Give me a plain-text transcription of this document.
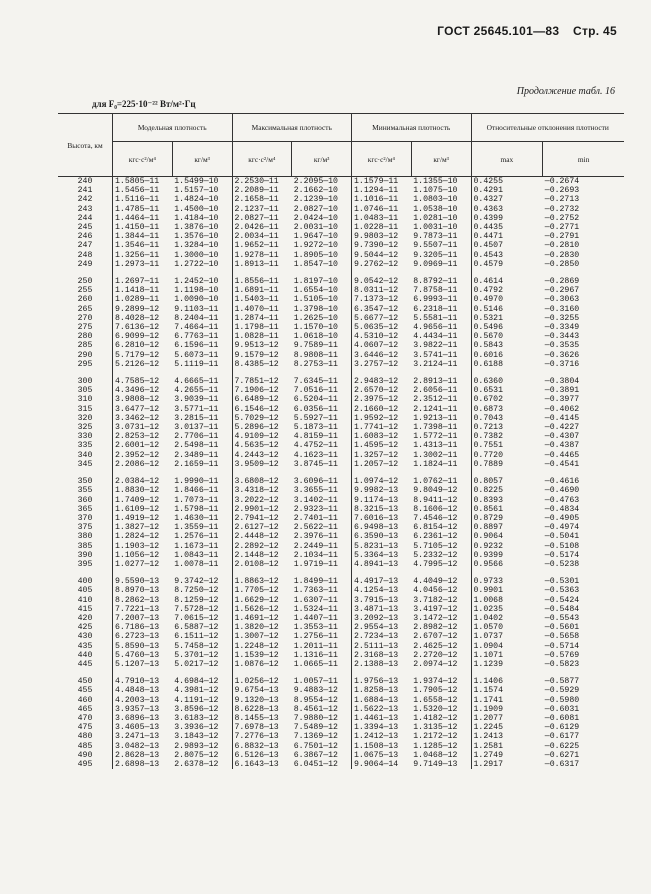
ГОСТ 25645.101—83 Стр. 45
Продолжение табл. 16
для F₀=225·10⁻²² Вт/м²·Гц
Высота, км	Модельная плотность		Максимальная плотность		Минимальная плотность		Относительные отклонения плотности	
	кгс·с²/м⁴	кг/м³	кгс·с²/м⁴	кг/м³	кгс·с²/м⁴	кг/м³	max	min
240	1.5805—11	1.5499—10	2.2530—11	2.2095—10	1.1579—11	1.1355—10	0.4255	—0.2674
241	1.5456—11	1.5157—10	2.2089—11	2.1662—10	1.1294—11	1.1075—10	0.4291	—0.2693
242	1.5116—11	1.4824—10	2.1658—11	2.1239—10	1.1016—11	1.0803—10	0.4327	—0.2713
243	1.4785—11	1.4500—10	2.1237—11	2.0827—10	1.0746—11	1.0538—10	0.4363	—0.2732
244	1.4464—11	1.4184—10	2.0827—11	2.0424—10	1.0483—11	1.0281—10	0.4399	—0.2752
245	1.4150—11	1.3876—10	2.0426—11	2.0031—10	1.0228—11	1.0031—10	0.4435	—0.2771
246	1.3844—11	1.3576—10	2.0034—11	1.9647—10	9.9803—12	9.7873—11	0.4471	—0.2791
247	1.3546—11	1.3284—10	1.9652—11	1.9272—10	9.7390—12	9.5507—11	0.4507	—0.2810
248	1.3256—11	1.3000—10	1.9278—11	1.8905—10	9.5044—12	9.3205—11	0.4543	—0.2830
249	1.2973—11	1.2722—10	1.8913—11	1.8547—10	9.2762—12	9.0969—11	0.4579	—0.2850

250	1.2697—11	1.2452—10	1.8556—11	1.8197—10	9.0542—12	8.8792—11	0.4614	—0.2869
255	1.1418—11	1.1198—10	1.6891—11	1.6554—10	8.0311—12	7.8758—11	0.4792	—0.2967
260	1.0289—11	1.0090—10	1.5403—11	1.5105—10	7.1373—12	6.9993—11	0.4970	—0.3063
265	9.2899—12	9.1103—11	1.4070—11	1.3798—10	6.3547—12	6.2318—11	0.5146	—0.3160
270	8.4028—12	8.2404—11	1.2874—11	1.2625—10	5.6677—12	5.5581—11	0.5321	—0.3255
275	7.6136—12	7.4664—11	1.1798—11	1.1570—10	5.0635—12	4.9656—11	0.5496	—0.3349
280	6.9099—12	6.7763—11	1.0828—11	1.0618—10	4.5310—12	4.4434—11	0.5670	—0.3443
285	6.2810—12	6.1596—11	9.9513—12	9.7589—11	4.0607—12	3.9822—11	0.5843	—0.3535
290	5.7179—12	5.6073—11	9.1579—12	8.9808—11	3.6446—12	3.5741—11	0.6016	—0.3626
295	5.2126—12	5.1119—11	8.4385—12	8.2753—11	3.2757—12	3.2124—11	0.6188	—0.3716

300	4.7585—12	4.6665—11	7.7851—12	7.6345—11	2.9483—12	2.8913—11	0.6360	—0.3804
305	4.3496—12	4.2655—11	7.1906—12	7.0516—11	2.6570—12	2.6056—11	0.6531	—0.3891
310	3.9808—12	3.9039—11	6.6489—12	6.5204—11	2.3975—12	2.3512—11	0.6702	—0.3977
315	3.6477—12	3.5771—11	6.1546—12	6.0356—11	2.1660—12	2.1241—11	0.6873	—0.4062
320	3.3462—12	3.2815—11	5.7029—12	5.5927—11	1.9592—12	1.9213—11	0.7043	—0.4145
325	3.0731—12	3.0137—11	5.2896—12	5.1873—11	1.7741—12	1.7398—11	0.7213	—0.4227
330	2.8253—12	2.7706—11	4.9109—12	4.8159—11	1.6083—12	1.5772—11	0.7382	—0.4307
335	2.6001—12	2.5498—11	4.5635—12	4.4752—11	1.4595—12	1.4313—11	0.7551	—0.4387
340	2.3952—12	2.3489—11	4.2443—12	4.1623—11	1.3257—12	1.3002—11	0.7720	—0.4465
345	2.2086—12	2.1659—11	3.9509—12	3.8745—11	1.2057—12	1.1824—11	0.7889	—0.4541

350	2.0384—12	1.9990—11	3.6808—12	3.6096—11	1.0974—12	1.0762—11	0.8057	—0.4616
355	1.8830—12	1.8466—11	3.4318—12	3.3655—11	9.9982—13	9.8049—12	0.8225	—0.4690
360	1.7409—12	1.7073—11	3.2022—12	3.1402—11	9.1174—13	8.9411—12	0.8393	—0.4763
365	1.6109—12	1.5798—11	2.9901—12	2.9323—11	8.3215—13	8.1606—12	0.8561	—0.4834
370	1.4919—12	1.4630—11	2.7941—12	2.7401—11	7.6016—13	7.4546—12	0.8729	—0.4905
375	1.3827—12	1.3559—11	2.6127—12	2.5622—11	6.9498—13	6.8154—12	0.8897	—0.4974
380	1.2824—12	1.2576—11	2.4448—12	2.3976—11	6.3590—13	6.2361—12	0.9064	—0.5041
385	1.1903—12	1.1673—11	2.2892—12	2.2449—11	5.8231—13	5.7105—12	0.9232	—0.5108
390	1.1056—12	1.0843—11	2.1448—12	2.1034—11	5.3364—13	5.2332—12	0.9399	—0.5174
395	1.0277—12	1.0078—11	2.0108—12	1.9719—11	4.8941—13	4.7995—12	0.9566	—0.5238

400	9.5590—13	9.3742—12	1.8863—12	1.8499—11	4.4917—13	4.4049—12	0.9733	—0.5301
405	8.8970—13	8.7250—12	1.7705—12	1.7363—11	4.1254—13	4.0456—12	0.9901	—0.5363
410	8.2862—13	8.1259—12	1.6629—12	1.6307—11	3.7915—13	3.7182—12	1.0068	—0.5424
415	7.7221—13	7.5728—12	1.5626—12	1.5324—11	3.4871—13	3.4197—12	1.0235	—0.5484
420	7.2007—13	7.0615—12	1.4691—12	1.4407—11	3.2092—13	3.1472—12	1.0402	—0.5543
425	6.7186—13	6.5887—12	1.3820—12	1.3553—11	2.9554—13	2.8982—12	1.0570	—0.5601
430	6.2723—13	6.1511—12	1.3007—12	1.2756—11	2.7234—13	2.6707—12	1.0737	—0.5658
435	5.8590—13	5.7458—12	1.2248—12	1.2011—11	2.5111—13	2.4625—12	1.0904	—0.5714
440	5.4760—13	5.3701—12	1.1539—12	1.1316—11	2.3168—13	2.2720—12	1.1071	—0.5769
445	5.1207—13	5.0217—12	1.0876—12	1.0665—11	2.1388—13	2.0974—12	1.1239	—0.5823

450	4.7910—13	4.6984—12	1.0256—12	1.0057—11	1.9756—13	1.9374—12	1.1406	—0.5877
455	4.4848—13	4.3981—12	9.6754—13	9.4883—12	1.8258—13	1.7905—12	1.1574	—0.5929
460	4.2003—13	4.1191—12	9.1320—13	8.9554—12	1.6884—13	1.6558—12	1.1741	—0.5980
465	3.9357—13	3.8596—12	8.6228—13	8.4561—12	1.5622—13	1.5320—12	1.1909	—0.6031
470	3.6896—13	3.6183—12	8.1455—13	7.9880—12	1.4461—13	1.4182—12	1.2077	—0.6081
475	3.4605—13	3.3936—12	7.6978—13	7.5489—12	1.3394—13	1.3135—12	1.2245	—0.6129
480	3.2471—13	3.1843—12	7.2776—13	7.1369—12	1.2412—13	1.2172—12	1.2413	—0.6177
485	3.0482—13	2.9893—12	6.8832—13	6.7501—12	1.1508—13	1.1285—12	1.2581	—0.6225
490	2.8628—13	2.8075—12	6.5126—13	6.3867—12	1.0675—13	1.0468—12	1.2749	—0.6271
495	2.6898—13	2.6378—12	6.1643—13	6.0451—12	9.9064—14	9.7149—13	1.2917	—0.6317
